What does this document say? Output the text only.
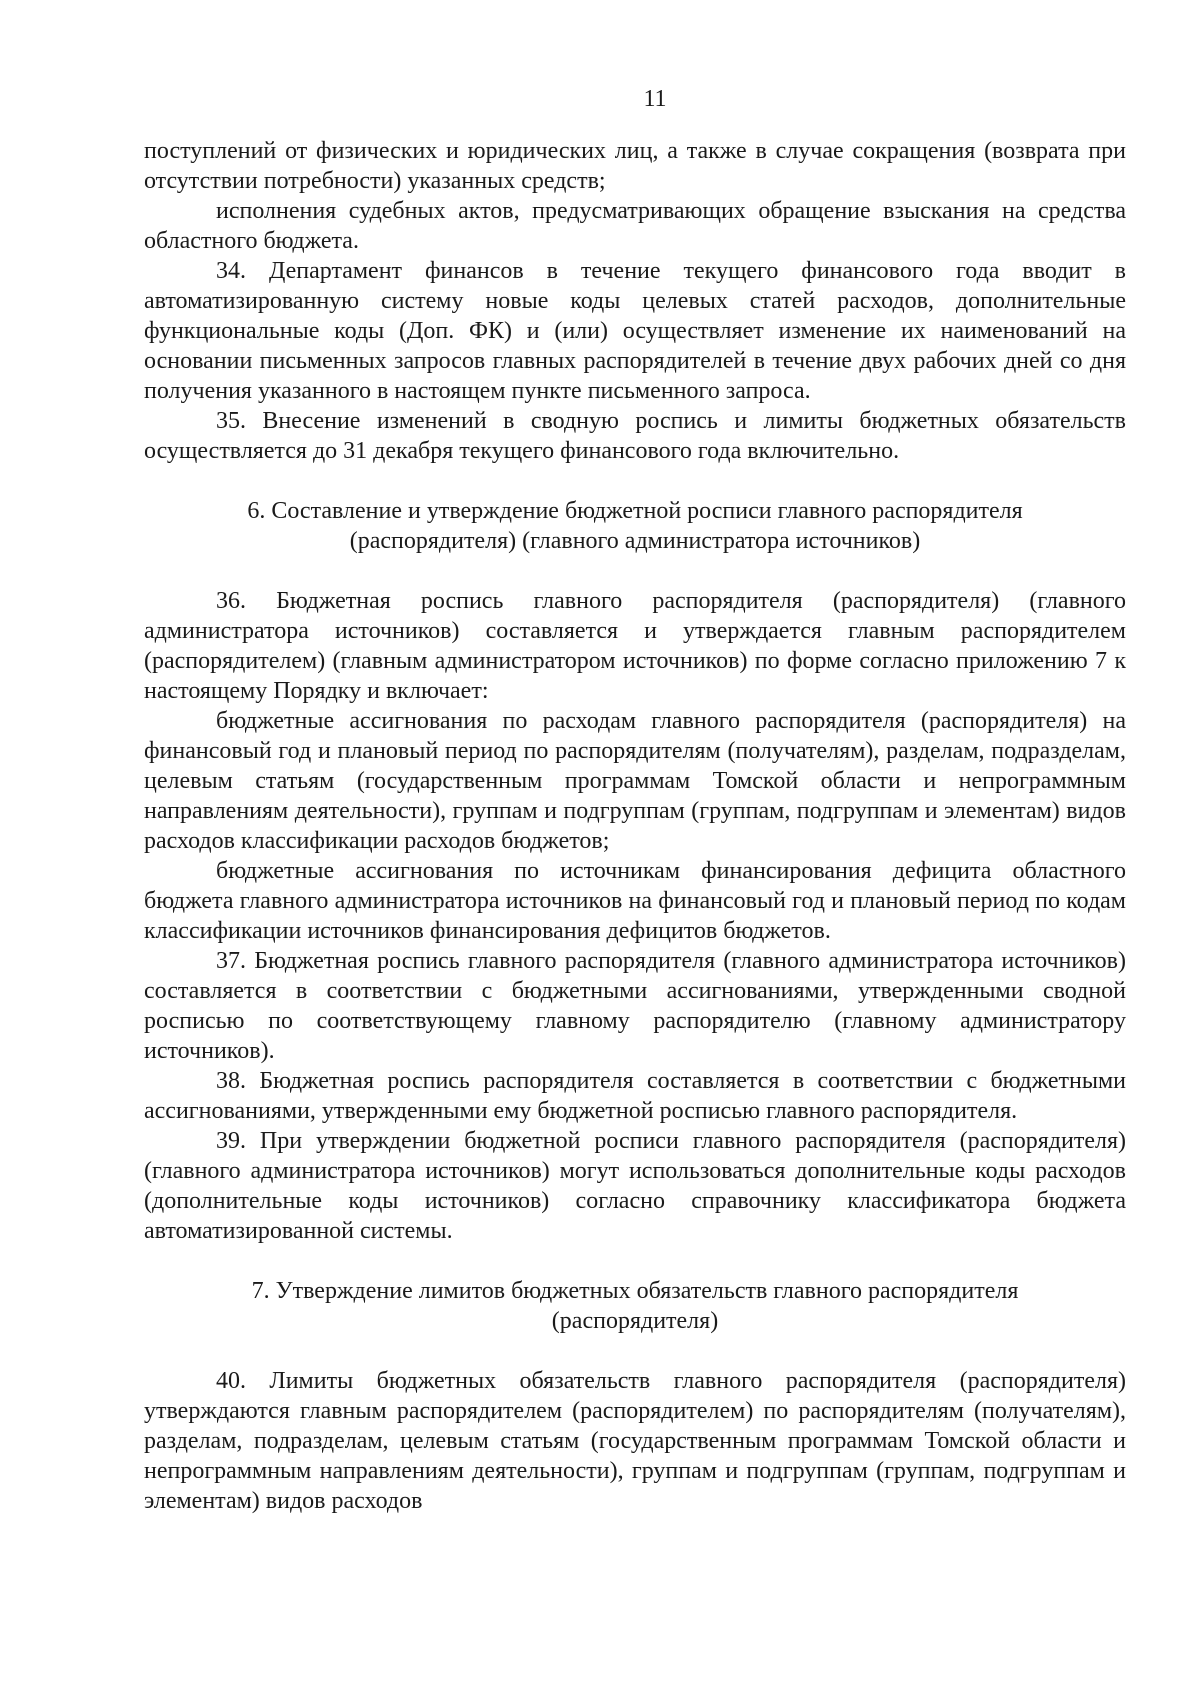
11

поступлений от физических и юридических лиц, а также в случае сокращения (возврата при отсутствии потребности) указанных средств;

исполнения судебных актов, предусматривающих обращение взыскания на средства областного бюджета.

34. Департамент финансов в течение текущего финансового года вводит в автоматизированную систему новые коды целевых статей расходов, дополнительные функциональные коды (Доп. ФК) и (или) осуществляет изменение их наименований на основании письменных запросов главных распорядителей в течение двух рабочих дней со дня получения указанного в настоящем пункте письменного запроса.

35. Внесение изменений в сводную роспись и лимиты бюджетных обязательств осуществляется до 31 декабря текущего финансового года включительно.

6. Составление и утверждение бюджетной росписи главного распорядителя
(распорядителя) (главного администратора источников)

36. Бюджетная роспись главного распорядителя (распорядителя) (главного администратора источников) составляется и утверждается главным распорядителем (распорядителем) (главным администратором источников) по форме согласно приложению 7 к настоящему Порядку и включает:

бюджетные ассигнования по расходам главного распорядителя (распорядителя) на финансовый год и плановый период по распорядителям (получателям), разделам, подразделам, целевым статьям (государственным программам Томской области и непрограммным направлениям деятельности), группам и подгруппам (группам, подгруппам и элементам) видов расходов классификации расходов бюджетов;

бюджетные ассигнования по источникам финансирования дефицита областного бюджета главного администратора источников на финансовый год и плановый период по кодам классификации источников финансирования дефицитов бюджетов.

37. Бюджетная роспись главного распорядителя (главного администратора источников) составляется в соответствии с бюджетными ассигнованиями, утвержденными сводной росписью по соответствующему главному распорядителю (главному администратору источников).

38. Бюджетная роспись распорядителя составляется в соответствии с бюджетными ассигнованиями, утвержденными ему бюджетной росписью главного распорядителя.

39. При утверждении бюджетной росписи главного распорядителя (распорядителя) (главного администратора источников) могут использоваться дополнительные коды расходов (дополнительные коды источников) согласно справочнику классификатора бюджета автоматизированной системы.

7. Утверждение лимитов бюджетных обязательств главного распорядителя
(распорядителя)

40. Лимиты бюджетных обязательств главного распорядителя (распорядителя) утверждаются главным распорядителем (распорядителем) по распорядителям (получателям), разделам, подразделам, целевым статьям (государственным программам Томской области и непрограммным направлениям деятельности), группам и подгруппам (группам, подгруппам и элементам) видов расходов
